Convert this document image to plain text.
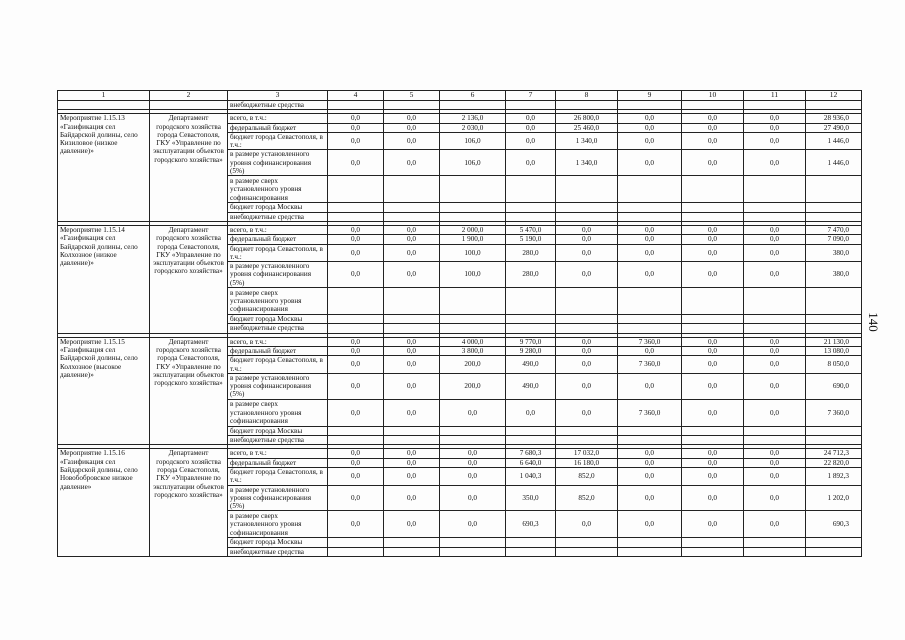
1	2	3	4	5	6	7	8	9	10	11	12
		внебюджетные средства									

Мероприятие 1.15.13 «Газификация сел Байдарской долины, село Кизиловое (низкое давление)»	Департамент городского хозяйства города Севастополя, ГКУ «Управление по эксплуатации объектов городского хозяйства»	всего, в т.ч.:	0,0	0,0	2 136,0	0,0	26 800,0	0,0	0,0	0,0	28 936,0
		федеральный бюджет	0,0	0,0	2 030,0	0,0	25 460,0	0,0	0,0	0,0	27 490,0
		бюджет города Севастополя, в т.ч.:	0,0	0,0	106,0	0,0	1 340,0	0,0	0,0	0,0	1 446,0
		в размере установленного уровня софинансирования (5%)	0,0	0,0	106,0	0,0	1 340,0	0,0	0,0	0,0	1 446,0
		в размере сверх установленного уровня софинансирования									
		бюджет города Москвы									
		внебюджетные средства									

Мероприятие 1.15.14 «Газификация сел Байдарской долины, село Колхозное (низкое давление)»	Департамент городского хозяйства города Севастополя, ГКУ «Управление по эксплуатации объектов городского хозяйства»	всего, в т.ч.:	0,0	0,0	2 000,0	5 470,0	0,0	0,0	0,0	0,0	7 470,0
		федеральный бюджет	0,0	0,0	1 900,0	5 190,0	0,0	0,0	0,0	0,0	7 090,0
		бюджет города Севастополя, в т.ч.:	0,0	0,0	100,0	280,0	0,0	0,0	0,0	0,0	380,0
		в размере установленного уровня софинансирования (5%)	0,0	0,0	100,0	280,0	0,0	0,0	0,0	0,0	380,0
		в размере сверх установленного уровня софинансирования									
		бюджет города Москвы									
		внебюджетные средства									

Мероприятие 1.15.15 «Газификация сел Байдарской долины, село Колхозное (высокое давление)»	Департамент городского хозяйства города Севастополя, ГКУ «Управление по эксплуатации объектов городского хозяйства»	всего, в т.ч.:	0,0	0,0	4 000,0	9 770,0	0,0	7 360,0	0,0	0,0	21 130,0
		федеральный бюджет	0,0	0,0	3 800,0	9 280,0	0,0	0,0	0,0	0,0	13 080,0
		бюджет города Севастополя, в т.ч.:	0,0	0,0	200,0	490,0	0,0	7 360,0	0,0	0,0	8 050,0
		в размере установленного уровня софинансирования (5%)	0,0	0,0	200,0	490,0	0,0	0,0	0,0	0,0	690,0
		в размере сверх установленного уровня софинансирования	0,0	0,0	0,0	0,0	0,0	7 360,0	0,0	0,0	7 360,0
		бюджет города Москвы									
		внебюджетные средства									

Мероприятие 1.15.16 «Газификация сел Байдарской долины, село Новобобровское низкое давление»	Департамент городского хозяйства города Севастополя, ГКУ «Управление по эксплуатации объектов городского хозяйства»	всего, в т.ч.:	0,0	0,0	0,0	7 680,3	17 032,0	0,0	0,0	0,0	24 712,3
		федеральный бюджет	0,0	0,0	0,0	6 640,0	16 180,0	0,0	0,0	0,0	22 820,0
		бюджет города Севастополя, в т.ч.:	0,0	0,0	0,0	1 040,3	852,0	0,0	0,0	0,0	1 892,3
		в размере установленного уровня софинансирования (5%)	0,0	0,0	0,0	350,0	852,0	0,0	0,0	0,0	1 202,0
		в размере сверх установленного уровня софинансирования	0,0	0,0	0,0	690,3	0,0	0,0	0,0	0,0	690,3
		бюджет города Москвы									
		внебюджетные средства									
140
